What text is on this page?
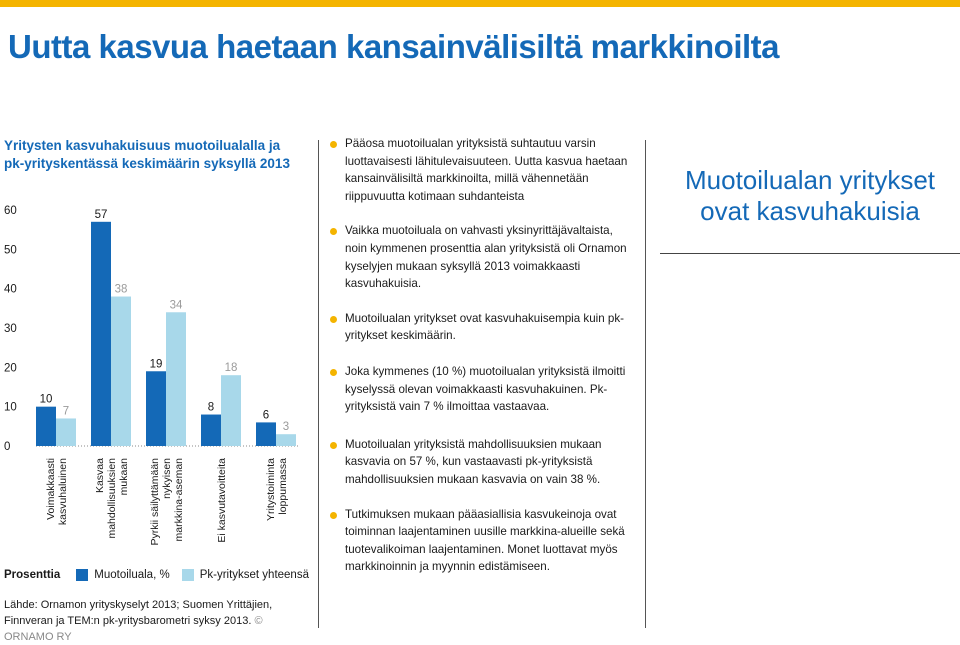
Uutta kasvua haetaan kansainvälisiltä markkinoilta
Yritysten kasvuhakuisuus muotoilualalla ja pk-yrityskentässä keskimäärin syksyllä 2013
0
10
20
30
40
50
60
10
7
Voimakkaasti kasvuhaluinen
57
38
Kasvaa mahdollisuuksien mukaan
19
34
Pyrkii säilyttämään nykyisen markkina-aseman
8
18
Ei kasvutavoitteita
6
3
Yritystoiminta loppumassa
Prosenttia	Muotoiluala, %	Pk-yritykset yhteensä
Lähde: Ornamon yrityskyselyt 2013; Suomen Yrittäjien, Finnveran ja TEM:n pk-yritysbarometri syksy 2013. © ORNAMO RY
Pääosa muotoilualan yrityksistä suhtautuu varsin luottavaisesti lähitulevaisuuteen. Uutta kasvua haetaan kansainvälisiltä markkinoilta, millä vähennetään riippuvuutta kotimaan suhdanteista
Vaikka muotoiluala on vahvasti yksinyrittäjävaltaista, noin kymmenen prosenttia alan yrityksistä oli Ornamon kyselyjen mukaan syksyllä 2013 voimakkaasti kasvuhakuisia.
Muotoilualan yritykset ovat kasvuhakuisempia kuin pk-yritykset keskimäärin.
Joka kymmenes (10 %) muotoilualan yrityksistä ilmoitti kyselyssä olevan voimakkaasti kasvuhakuinen. Pk-yrityksistä vain 7 % ilmoittaa vastaavaa.
Muotoilualan yrityksistä mahdollisuuksien mukaan kasvavia on 57 %, kun vastaavasti pk-yrityksistä mahdollisuuksien mukaan kasvavia on vain 38 %.
Tutkimuksen mukaan pääasiallisia kasvukeinoja ovat toiminnan laajentaminen uusille markkina-alueille sekä tuotevalikoiman laajentaminen. Monet luottavat myös markkinoinnin ja myynnin edistämiseen.
Muotoilualan yritykset ovat kasvuhakuisia
